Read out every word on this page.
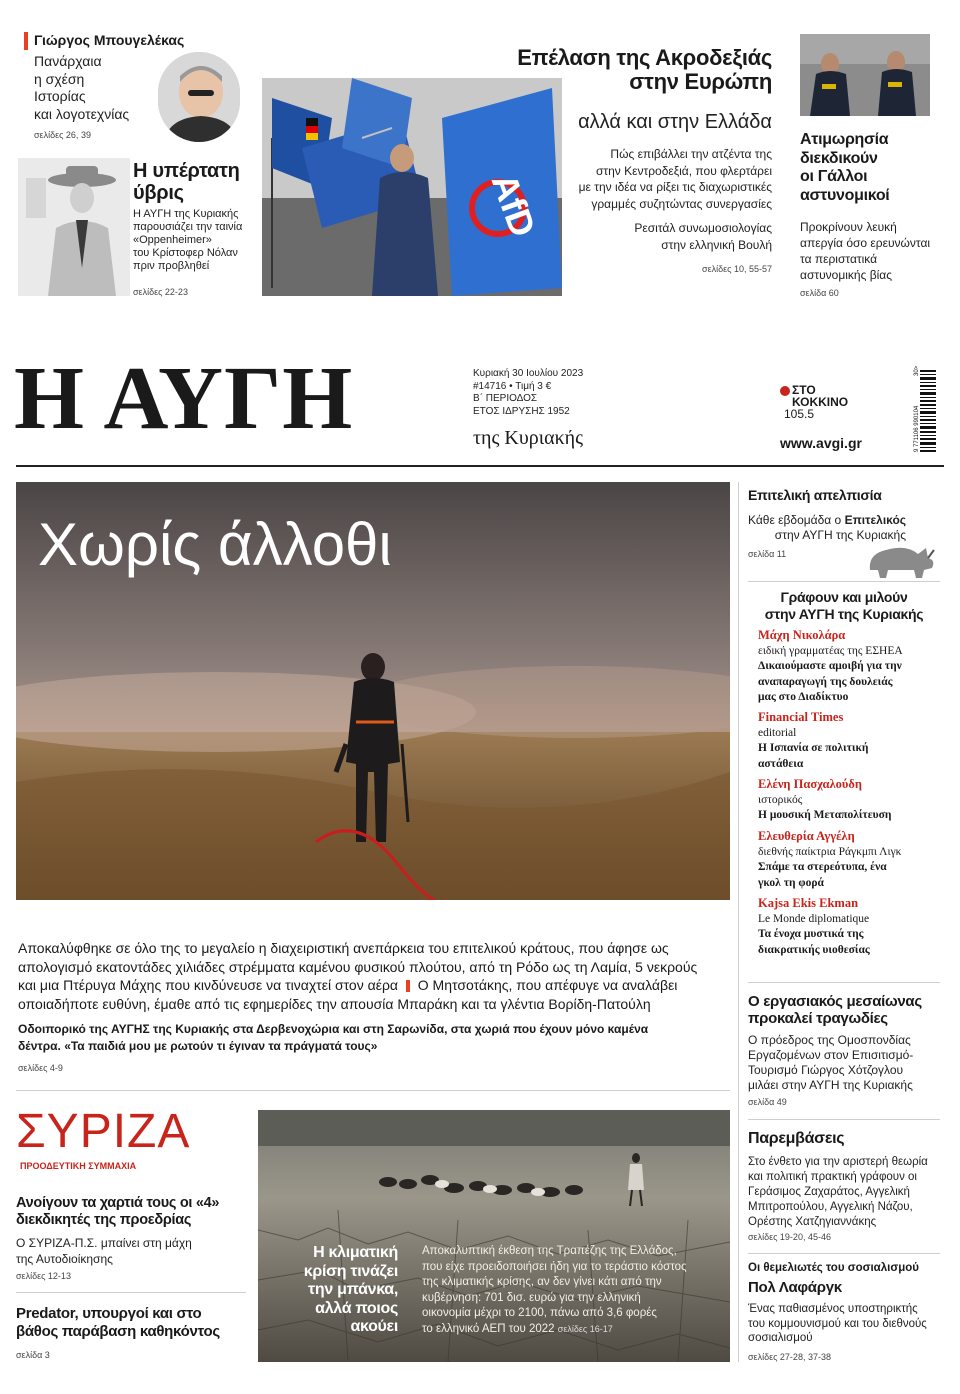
Γιώργος Μπουγελέκας
Πανάρχαια
η σχέση
Ιστορίας
και λογοτεχνίας
σελίδες 26, 39
Η υπέρτατη
ύβρις
Η ΑΥΓΗ της Κυριακής
παρουσιάζει την ταινία
«Oppenheimer»
του Κρίστοφερ Νόλαν
πριν προβληθεί
σελίδες 22-23
AfD
Επέλαση της Ακροδεξιάς
στην Ευρώπη
αλλά και στην Ελλάδα
Πώς επιβάλλει την ατζέντα της
στην Κεντροδεξιά, που φλερτάρει
με την ιδέα να ρίξει τις διαχωριστικές
γραμμές συζητώντας συνεργασίες
Ρεσιτάλ συνωμοσιολογίας
στην ελληνική Βουλή
σελίδες 10, 55-57
Ατιμωρησία
διεκδικούν
οι Γάλλοι
αστυνομικοί
Προκρίνουν λευκή
απεργία όσο ερευνώνται
τα περιστατικά
αστυνομικής βίας
σελίδα 60
Η ΑΥΓΗ	Κυριακή 30 Ιουλίου 2023
#14716 • Τιμή 3 €
Β΄ ΠΕΡΙΟΔΟΣ
ΕΤΟΣ ΙΔΡΥΣΗΣ 1952
της Κυριακής
ΣΤΟ
ΚΟΚΚΙΝΟ
105.5
www.avgi.gr	9 771106 990104
30>
Χωρίς άλλοθι
Αποκαλύφθηκε σε όλο της το μεγαλείο η διαχειριστική ανεπάρκεια του επιτελικού κράτους, που άφησε ως
απολογισμό εκατοντάδες χιλιάδες στρέμματα καμένου φυσικού πλούτου, από τη Ρόδο ως τη Λαμία, 5 νεκρούς
και μια Πτέρυγα Μάχης που κινδύνευσε να τιναχτεί στον αέρα Ο Μητσοτάκης, που απέφυγε να αναλάβει
οποιαδήποτε ευθύνη, έμαθε από τις εφημερίδες την απουσία Μπαράκη και τα γλέντια Βορίδη-Πατούλη
Οδοιπορικό της ΑΥΓΗΣ της Κυριακής στα Δερβενοχώρια και στη Σαρωνίδα, στα χωριά που έχουν μόνο καμένα
δέντρα. «Τα παιδιά μου με ρωτούν τι έγιναν τα πράγματά τους»
σελίδες 4-9
Επιτελική απελπισία
Κάθε εβδομάδα ο Επιτελικός
στην ΑΥΓΗ της Κυριακής
σελίδα 11
Γράφουν και μιλούν
στην ΑΥΓΗ της Κυριακής
Μάχη Νικολάρα
ειδική γραμματέας της ΕΣΗΕΑ
Δικαιούμαστε αμοιβή για την
αναπαραγωγή της δουλειάς
μας στο Διαδίκτυο
Financial Times
editorial
Η Ισπανία σε πολιτική
αστάθεια
Ελένη Πασχαλούδη
ιστορικός
Η μουσική Μεταπολίτευση
Ελευθερία Αγγέλη
διεθνής παίκτρια Ράγκμπι Λιγκ
Σπάμε τα στερεότυπα, ένα
γκολ τη φορά
Kajsa Ekis Ekman
Le Monde diplomatique
Τα ένοχα μυστικά της
διακρατικής υιοθεσίας
Ο εργασιακός μεσαίωνας
προκαλεί τραγωδίες
Ο πρόεδρος της Ομοσπονδίας
Εργαζομένων στον Επισιτισμό-
Τουρισμό Γιώργος Χότζογλου
μιλάει στην ΑΥΓΗ της Κυριακής
σελίδα 49
Παρεμβάσεις
Στο ένθετο για την αριστερή θεωρία
και πολιτική πρακτική γράφουν οι
Γεράσιμος Ζαχαράτος, Αγγελική
Μπιτροπούλου, Αγγελική Νάζου,
Ορέστης Χατζηγιαννάκης
σελίδες 19-20, 45-46
Οι θεμελιωτές του σοσιαλισμού
Πολ Λαφάργκ
Ένας παθιασμένος υποστηρικτής
του κομμουνισμού και του διεθνούς
σοσιαλισμού
σελίδες 27-28, 37-38
ΣΥΡΙΖΑ
ΠΡΟΟΔΕΥΤΙΚΗ ΣΥΜΜΑΧΙΑ
Ανοίγουν τα χαρτιά τους οι «4»
διεκδικητές της προεδρίας
Ο ΣΥΡΙΖΑ-Π.Σ. μπαίνει στη μάχη
της Αυτοδιοίκησης
σελίδες 12-13
Predator, υπουργοί και στο
βάθος παράβαση καθηκόντος
σελίδα 3
Η κλιματική
κρίση τινάζει
την μπάνκα,
αλλά ποιος
ακούει
Αποκαλυπτική έκθεση της Τραπέζης της Ελλάδος,
που είχε προειδοποιήσει ήδη για το τεράστιο κόστος
της κλιματικής κρίσης, αν δεν γίνει κάτι από την
κυβέρνηση: 701 δισ. ευρώ για την ελληνική
οικονομία μέχρι το 2100, πάνω από 3,6 φορές
το ελληνικό ΑΕΠ του 2022 σελίδες 16-17
